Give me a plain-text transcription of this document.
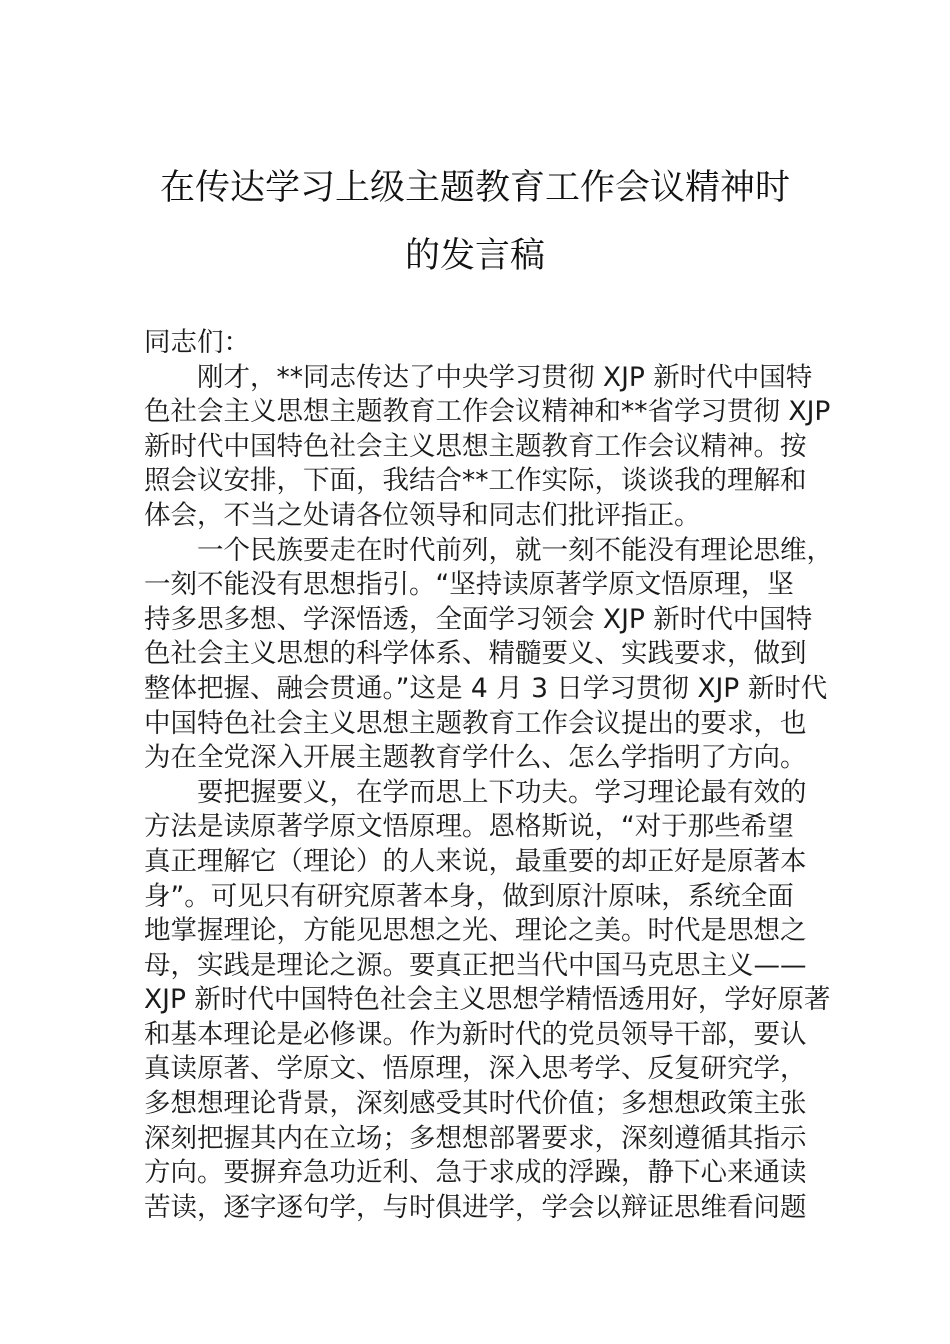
在传达学习上级主题教育工作会议精神时
的发言稿
同志们：
刚才，**同志传达了中央学习贯彻 XJP 新时代中国特
色社会主义思想主题教育工作会议精神和**省学习贯彻 XJP
新时代中国特色社会主义思想主题教育工作会议精神。按
照会议安排，下面，我结合**工作实际，谈谈我的理解和
体会，不当之处请各位领导和同志们批评指正。
一个民族要走在时代前列，就一刻不能没有理论思维，
一刻不能没有思想指引。“坚持读原著学原文悟原理，坚
持多思多想、学深悟透，全面学习领会 XJP 新时代中国特
色社会主义思想的科学体系、精髓要义、实践要求，做到
整体把握、融会贯通。”这是 4 月 3 日学习贯彻 XJP 新时代
中国特色社会主义思想主题教育工作会议提出的要求，也
为在全党深入开展主题教育学什么、怎么学指明了方向。
要把握要义，在学而思上下功夫。学习理论最有效的
方法是读原著学原文悟原理。恩格斯说，“对于那些希望
真正理解它（理论）的人来说，最重要的却正好是原著本
身”。可见只有研究原著本身，做到原汁原味，系统全面
地掌握理论，方能见思想之光、理论之美。时代是思想之
母，实践是理论之源。要真正把当代中国马克思主义——
XJP 新时代中国特色社会主义思想学精悟透用好，学好原著
和基本理论是必修课。作为新时代的党员领导干部，要认
真读原著、学原文、悟原理，深入思考学、反复研究学，
多想想理论背景，深刻感受其时代价值；多想想政策主张
深刻把握其内在立场；多想想部署要求，深刻遵循其指示
方向。要摒弃急功近利、急于求成的浮躁，静下心来通读
苦读，逐字逐句学，与时俱进学，学会以辩证思维看问题
